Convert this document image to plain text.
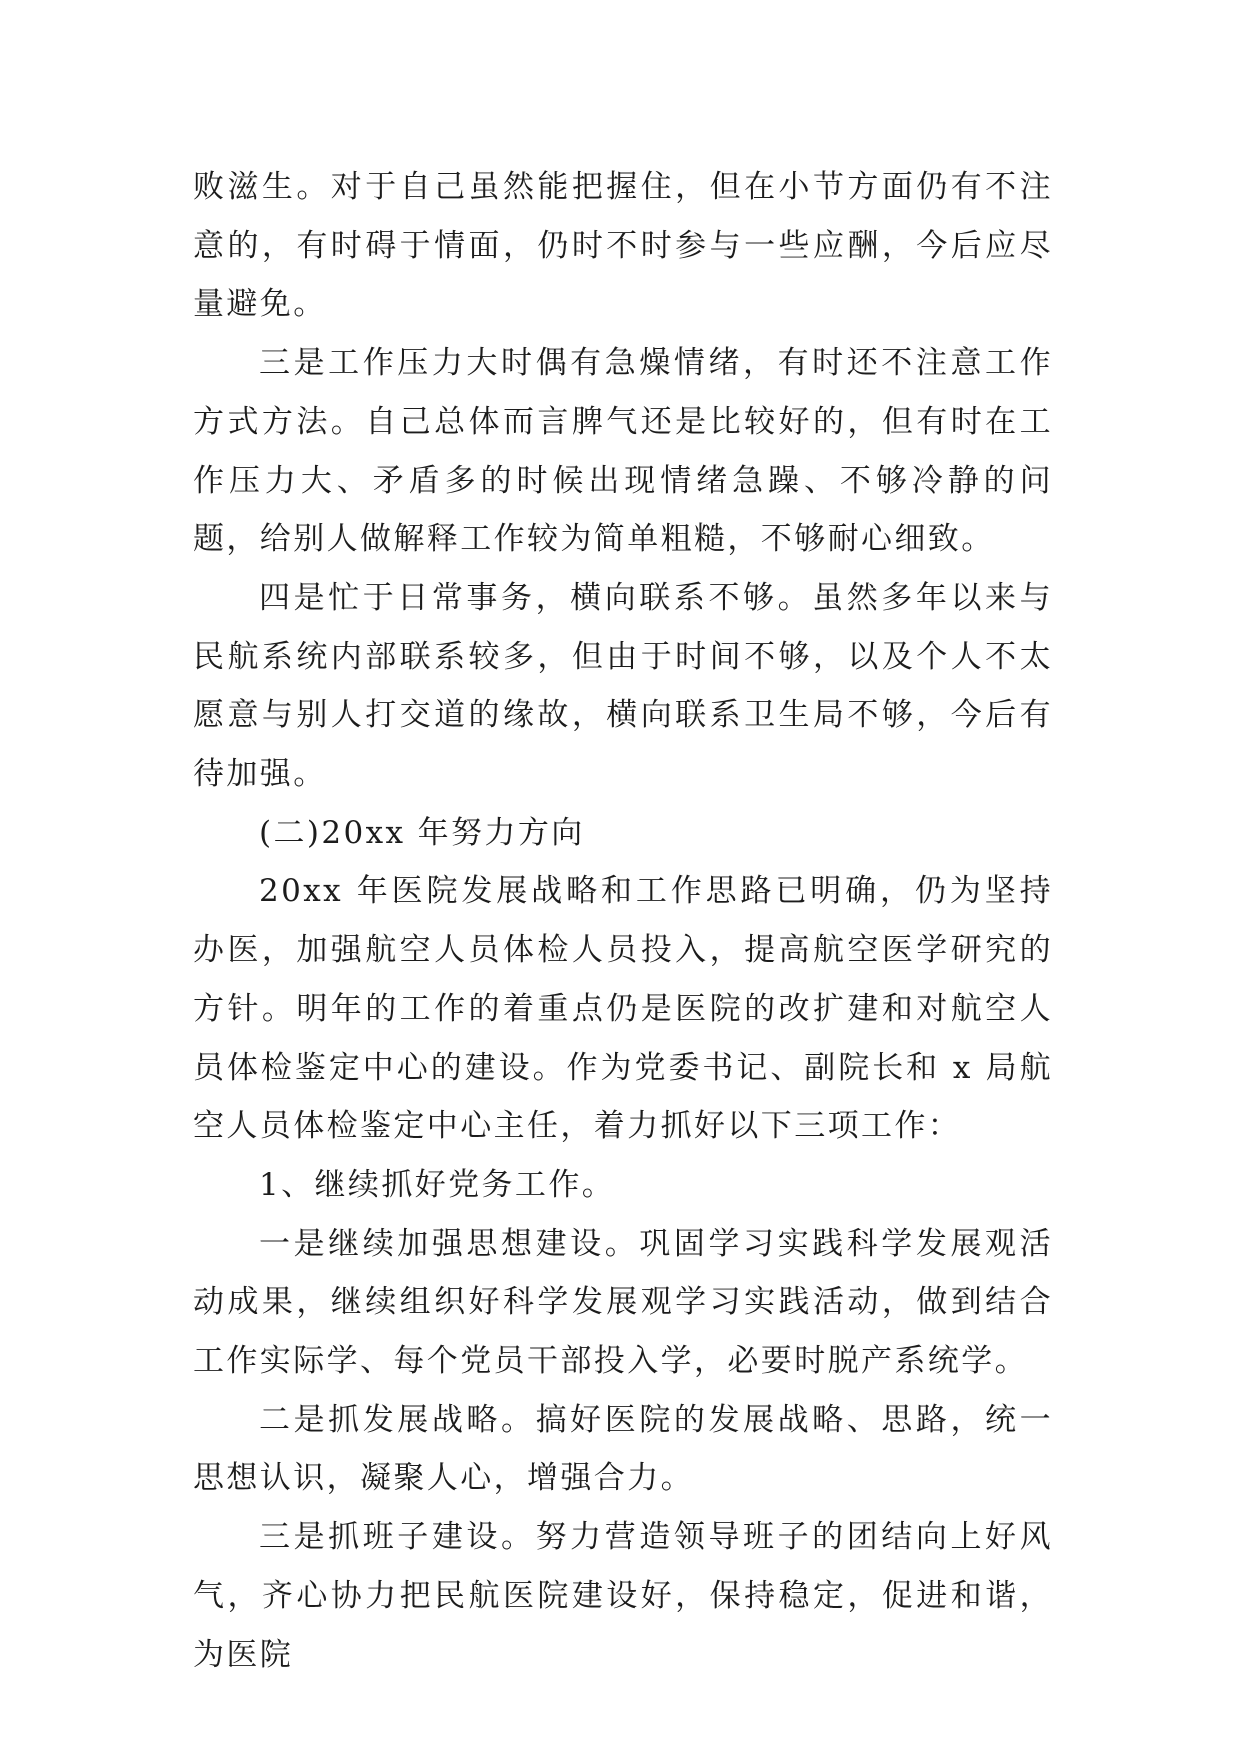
败滋生。对于自己虽然能把握住，但在小节方面仍有不注意的，有时碍于情面，仍时不时参与一些应酬，今后应尽量避免。

三是工作压力大时偶有急燥情绪，有时还不注意工作方式方法。自己总体而言脾气还是比较好的，但有时在工作压力大、矛盾多的时候出现情绪急躁、不够冷静的问题，给别人做解释工作较为简单粗糙，不够耐心细致。

四是忙于日常事务，横向联系不够。虽然多年以来与民航系统内部联系较多，但由于时间不够，以及个人不太愿意与别人打交道的缘故，横向联系卫生局不够，今后有待加强。

(二)20xx 年努力方向

20xx 年医院发展战略和工作思路已明确，仍为坚持办医，加强航空人员体检人员投入，提高航空医学研究的方针。明年的工作的着重点仍是医院的改扩建和对航空人员体检鉴定中心的建设。作为党委书记、副院长和 x 局航空人员体检鉴定中心主任，着力抓好以下三项工作：

1、继续抓好党务工作。

一是继续加强思想建设。巩固学习实践科学发展观活动成果，继续组织好科学发展观学习实践活动，做到结合工作实际学、每个党员干部投入学，必要时脱产系统学。

二是抓发展战略。搞好医院的发展战略、思路，统一思想认识，凝聚人心，增强合力。

三是抓班子建设。努力营造领导班子的团结向上好风气，齐心协力把民航医院建设好，保持稳定，促进和谐，为医院
